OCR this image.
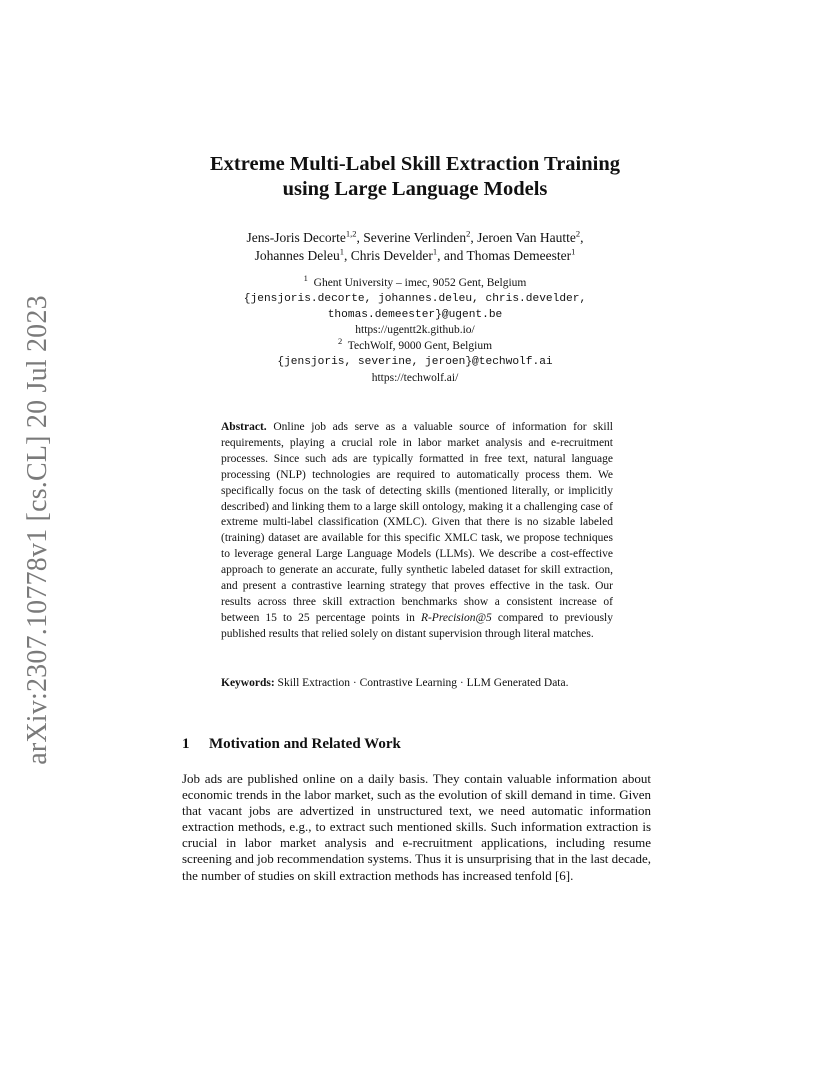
arXiv:2307.10778v1 [cs.CL] 20 Jul 2023
Extreme Multi-Label Skill Extraction Training
using Large Language Models
Jens-Joris Decorte$^{1,2}$, Severine Verlinden$^2$, Jeroen Van Hautte$^2$,
Johannes Deleu$^1$, Chris Develder$^1$, and Thomas Demeester$^1$
$^1$ Ghent University – imec, 9052 Gent, Belgium
{jensjoris.decorte, johannes.deleu, chris.develder,
thomas.demeester}@ugent.be
https://ugentt2k.github.io/
$^2$ TechWolf, 9000 Gent, Belgium
{jensjoris, severine, jeroen}@techwolf.ai
https://techwolf.ai/

Abstract. Online job ads serve as a valuable source of information for skill requirements, playing a crucial role in labor market analysis and e-recruitment processes. Since such ads are typically formatted in free text, natural language processing (NLP) technologies are required to automatically process them. We specifically focus on the task of detecting skills (mentioned literally, or implicitly described) and linking them to a large skill ontology, making it a challenging case of extreme multi-label classification (XMLC). Given that there is no sizable labeled (training) dataset are available for this specific XMLC task, we propose techniques to leverage general Large Language Models (LLMs). We describe a cost-effective approach to generate an accurate, fully synthetic labeled dataset for skill extraction, and present a contrastive learning strategy that proves effective in the task. Our results across three skill extraction benchmarks show a consistent increase of between 15 to 25 percentage points in R-Precision@5 compared to previously published results that relied solely on distant supervision through literal matches.

Keywords: Skill Extraction · Contrastive Learning · LLM Generated Data.

1 Motivation and Related Work

Job ads are published online on a daily basis. They contain valuable information about economic trends in the labor market, such as the evolution of skill demand in time. Given that vacant jobs are advertized in unstructured text, we need automatic information extraction methods, e.g., to extract such mentioned skills. Such information extraction is crucial in labor market analysis and e-recruitment applications, including resume screening and job recommendation systems. Thus it is unsurprising that in the last decade, the number of studies on skill extraction methods has increased tenfold [6].
